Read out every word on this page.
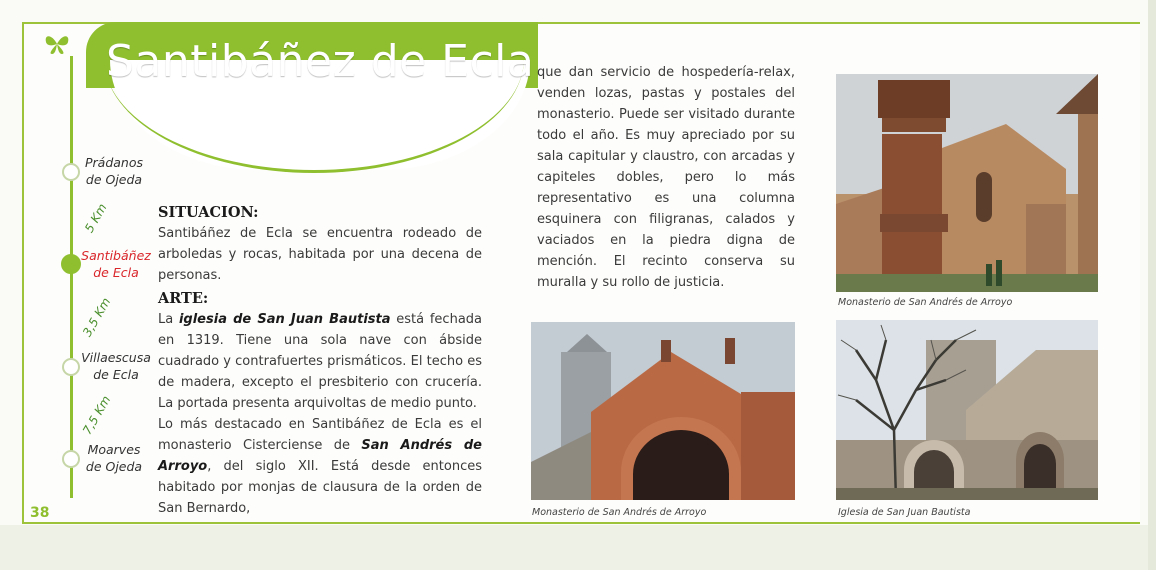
Santibáñez de Ecla
Prádanos
de Ojeda
5 Km
Santibáñez
de Ecla
3,5 Km
Villaescusa
de Ecla
7,5 Km
Moarves
de Ojeda
38
SITUACION:
Santibáñez de Ecla se encuentra rodeado de arboledas y rocas, habitada por una decena de personas.
ARTE:
La iglesia de San Juan Bautista está fechada en 1319. Tiene una sola nave con ábside cuadrado y contrafuertes prismáticos. El techo es de madera, excepto el presbiterio con crucería. La portada presenta arquivoltas de medio punto.
Lo más destacado en Santibáñez de Ecla es el monasterio Cisterciense de San Andrés de Arroyo, del siglo XII. Está desde entonces habitado por monjas de clausura de la orden de San Bernardo,
que dan servicio de hospedería-relax, venden lozas, pastas y postales del monasterio. Puede ser visitado durante todo el año. Es muy apreciado por su sala capitular y claustro, con arcadas y capiteles dobles, pero lo más representativo es una columna esquinera con filigranas, calados y vaciados en la piedra digna de mención. El recinto conserva su muralla y su rollo de justicia.
Monasterio de San Andrés de Arroyo
Monasterio de San Andrés de Arroyo	Iglesia de San Juan Bautista
